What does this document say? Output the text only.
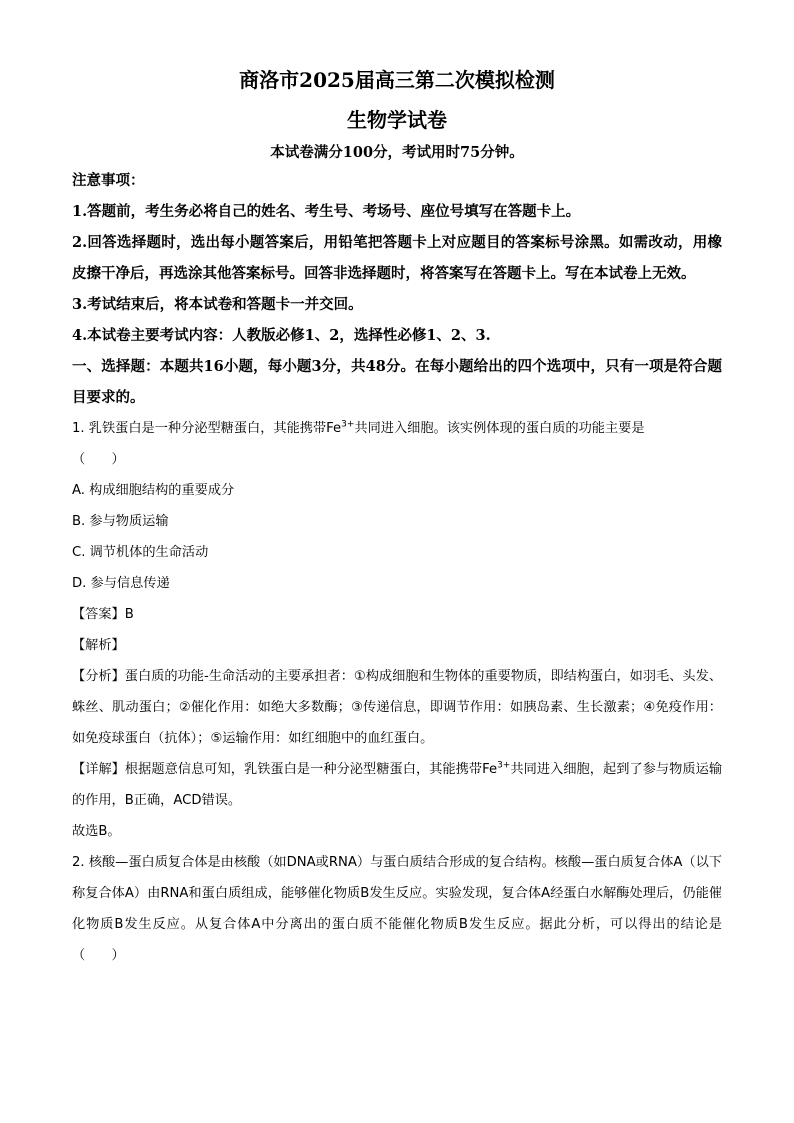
商洛市2025届高三第二次模拟检测
生物学试卷
本试卷满分100分，考试用时75分钟。

注意事项：

1.答题前，考生务必将自己的姓名、考生号、考场号、座位号填写在答题卡上。

2.回答选择题时，选出每小题答案后，用铅笔把答题卡上对应题目的答案标号涂黑。如需改动，用橡皮擦干净后，再选涂其他答案标号。回答非选择题时，将答案写在答题卡上。写在本试卷上无效。

3.考试结束后，将本试卷和答题卡一并交回。

4.本试卷主要考试内容：人教版必修1、2，选择性必修1、2、3.

一、选择题：本题共16小题，每小题3分，共48分。在每小题给出的四个选项中，只有一项是符合题目要求的。

1. 乳铁蛋白是一种分泌型糖蛋白，其能携带$Fe^{3+}$共同进入细胞。该实例体现的蛋白质的功能主要是

（　　）

A. 构成细胞结构的重要成分

B. 参与物质运输

C. 调节机体的生命活动

D. 参与信息传递

【答案】B

【解析】

【分析】蛋白质的功能-生命活动的主要承担者：①构成细胞和生物体的重要物质，即结构蛋白，如羽毛、头发、蛛丝、肌动蛋白；②催化作用：如绝大多数酶；③传递信息，即调节作用：如胰岛素、生长激素；④免疫作用：如免疫球蛋白（抗体）；⑤运输作用：如红细胞中的血红蛋白。

【详解】根据题意信息可知，乳铁蛋白是一种分泌型糖蛋白，其能携带$Fe^{3+}$共同进入细胞，起到了参与物质运输的作用，B正确，ACD错误。

故选B。

2. 核酸—蛋白质复合体是由核酸（如DNA或RNA）与蛋白质结合形成的复合结构。核酸—蛋白质复合体A（以下称复合体A）由RNA和蛋白质组成，能够催化物质B发生反应。实验发现，复合体A经蛋白水解酶处理后，仍能催化物质B发生反应。从复合体A中分离出的蛋白质不能催化物质B发生反应。据此分析，可以得出的结论是（　　）
